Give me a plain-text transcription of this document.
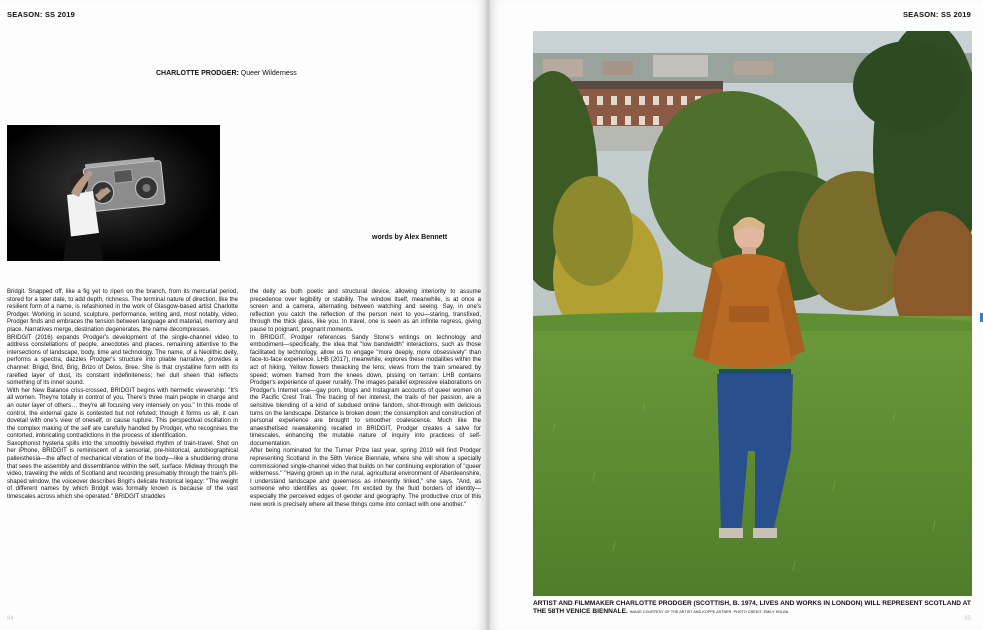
SEASON: SS 2019
CHARLOTTE PRODGER: Queer Wilderness
words by Alex Bennett

Bridgit. Snapped off, like a fig yet to ripen on the branch, from its mercurial period, stored for a later date, to add depth, richness. The terminal nature of direction, like the resilient form of a name, is refashioned in the work of Glasgow-based artist Charlotte Prodger. Working in sound, sculpture, performance, writing and, most notably, video, Prodger finds and embraces the tension between language and material, memory and place. Narratives merge, destination degenerates, the name decompresses.

BRIDGIT (2016) expands Prodger's development of the single-channel video to address constellations of people, anecdotes and places, remaining attentive to the intersections of landscape, body, time and technology. The name, of a Neolithic deity, performs a spectra, dazzles Prodger's structure into pliable narrative, provides a channel: Brigid, Brid, Brig, Brizo of Delos, Bree. She is that crystalline form with its rarefied layer of dust, its constant indefiniteness; her dull sheen that reflects something of its inner sound.

With her New Balance criss-crossed, BRIDGIT begins with hermetic viewership: "It's all women. They're totally in control of you. There's three main people in charge and an outer layer of others… they're all focusing very intensely on you." In this mode of control, the external gaze is contested but not refuted; though it forms us all, it can dovetail with one's view of oneself, or cause rupture. This perspectival oscillation in the complex making of the self are carefully handled by Prodger, who recognises the contorted, imbricating contradictions in the process of identification.

Saxophonist hysteria spills into the smoothly bevelled rhythm of train-travel. Shot on her iPhone, BRIDGIT is reminiscent of a sensorial, pre-historical, autobiographical palleisthesia—the affect of mechanical vibration of the body—like a shuddering drone that sees the assembly and dissemblance within the self, surface. Midway through the video, traveling the wilds of Scotland and recording presumably through the train's pill-shaped window, the voiceover describes Brigit's delicate historical legacy: "The weight of different names by which Bridgit was formally known is because of the vast timescales across which she operated." BRIDGIT straddles

the deity as both poetic and structural device, allowing interiority to assume precedence over legibility or stability. The window itself, meanwhile, is at once a screen and a camera, alternating between watching and seeing. Say, in one's reflection you catch the reflection of the person next to you—staring, transfixed, through the thick glass, like you. In travel, one is seen as an infinite regress, giving pause to poignant, pregnant moments.

In BRIDGIT, Prodger references Sandy Stone's writings on technology and embodiment—specifically, the idea that "low bandwidth" interactions, such as those facilitated by technology, allow us to engage "more deeply, more obsessively" than face-to-face experience. LHB (2017), meanwhile, explores these modalities within the act of hiking. Yellow flowers thwacking the lens; views from the train smeared by speed; women framed from the knees down, pissing on terrain: LHB contains Prodger's experience of queer rurality. The images parallel expressive elaborations on Prodger's Internet use—gay porn, blogs and Instagram accounts of queer women on the Pacific Crest Trail. The tracing of her interest, the trails of her passion, are a sensitive blending of a kind of subdued online fandom, shot-through with delicious turns on the landscape. Distance is broken down; the consumption and construction of personal experience are brought to smoother coalescence. Much like the anaesthetised reawakening recalled in BRIDGIT, Prodger creates a salve for timescales, enhancing the mutable nature of inquiry into practices of self-documentation.

After being nominated for the Turner Prize last year, spring 2019 will find Prodger representing Scotland in the 58th Venice Biennale, where she will show a specially commissioned single-channel video that builds on her continuing exploration of "queer wilderness." "Having grown up in the rural, agricultural environment of Aberdeenshire, I understand landscape and queerness as inherently linked," she says. "And, as someone who identifies as queer, I'm excited by the fluid borders of identity—especially the perceived edges of gender and geography. The productive crux of this new work is precisely where all these things come into contact with one another."

84
SEASON: SS 2019
ARTIST AND FILMMAKER CHARLOTTE PRODGER (SCOTTISH, B. 1974, LIVES AND WORKS IN LONDON) WILL REPRESENT SCOTLAND AT THE 58TH VENICE BIENNALE. IMAGE COURTESY OF THE ARTIST AND KOPPE ASTNER. PHOTO CREDIT: EMILY HOLBA
85
